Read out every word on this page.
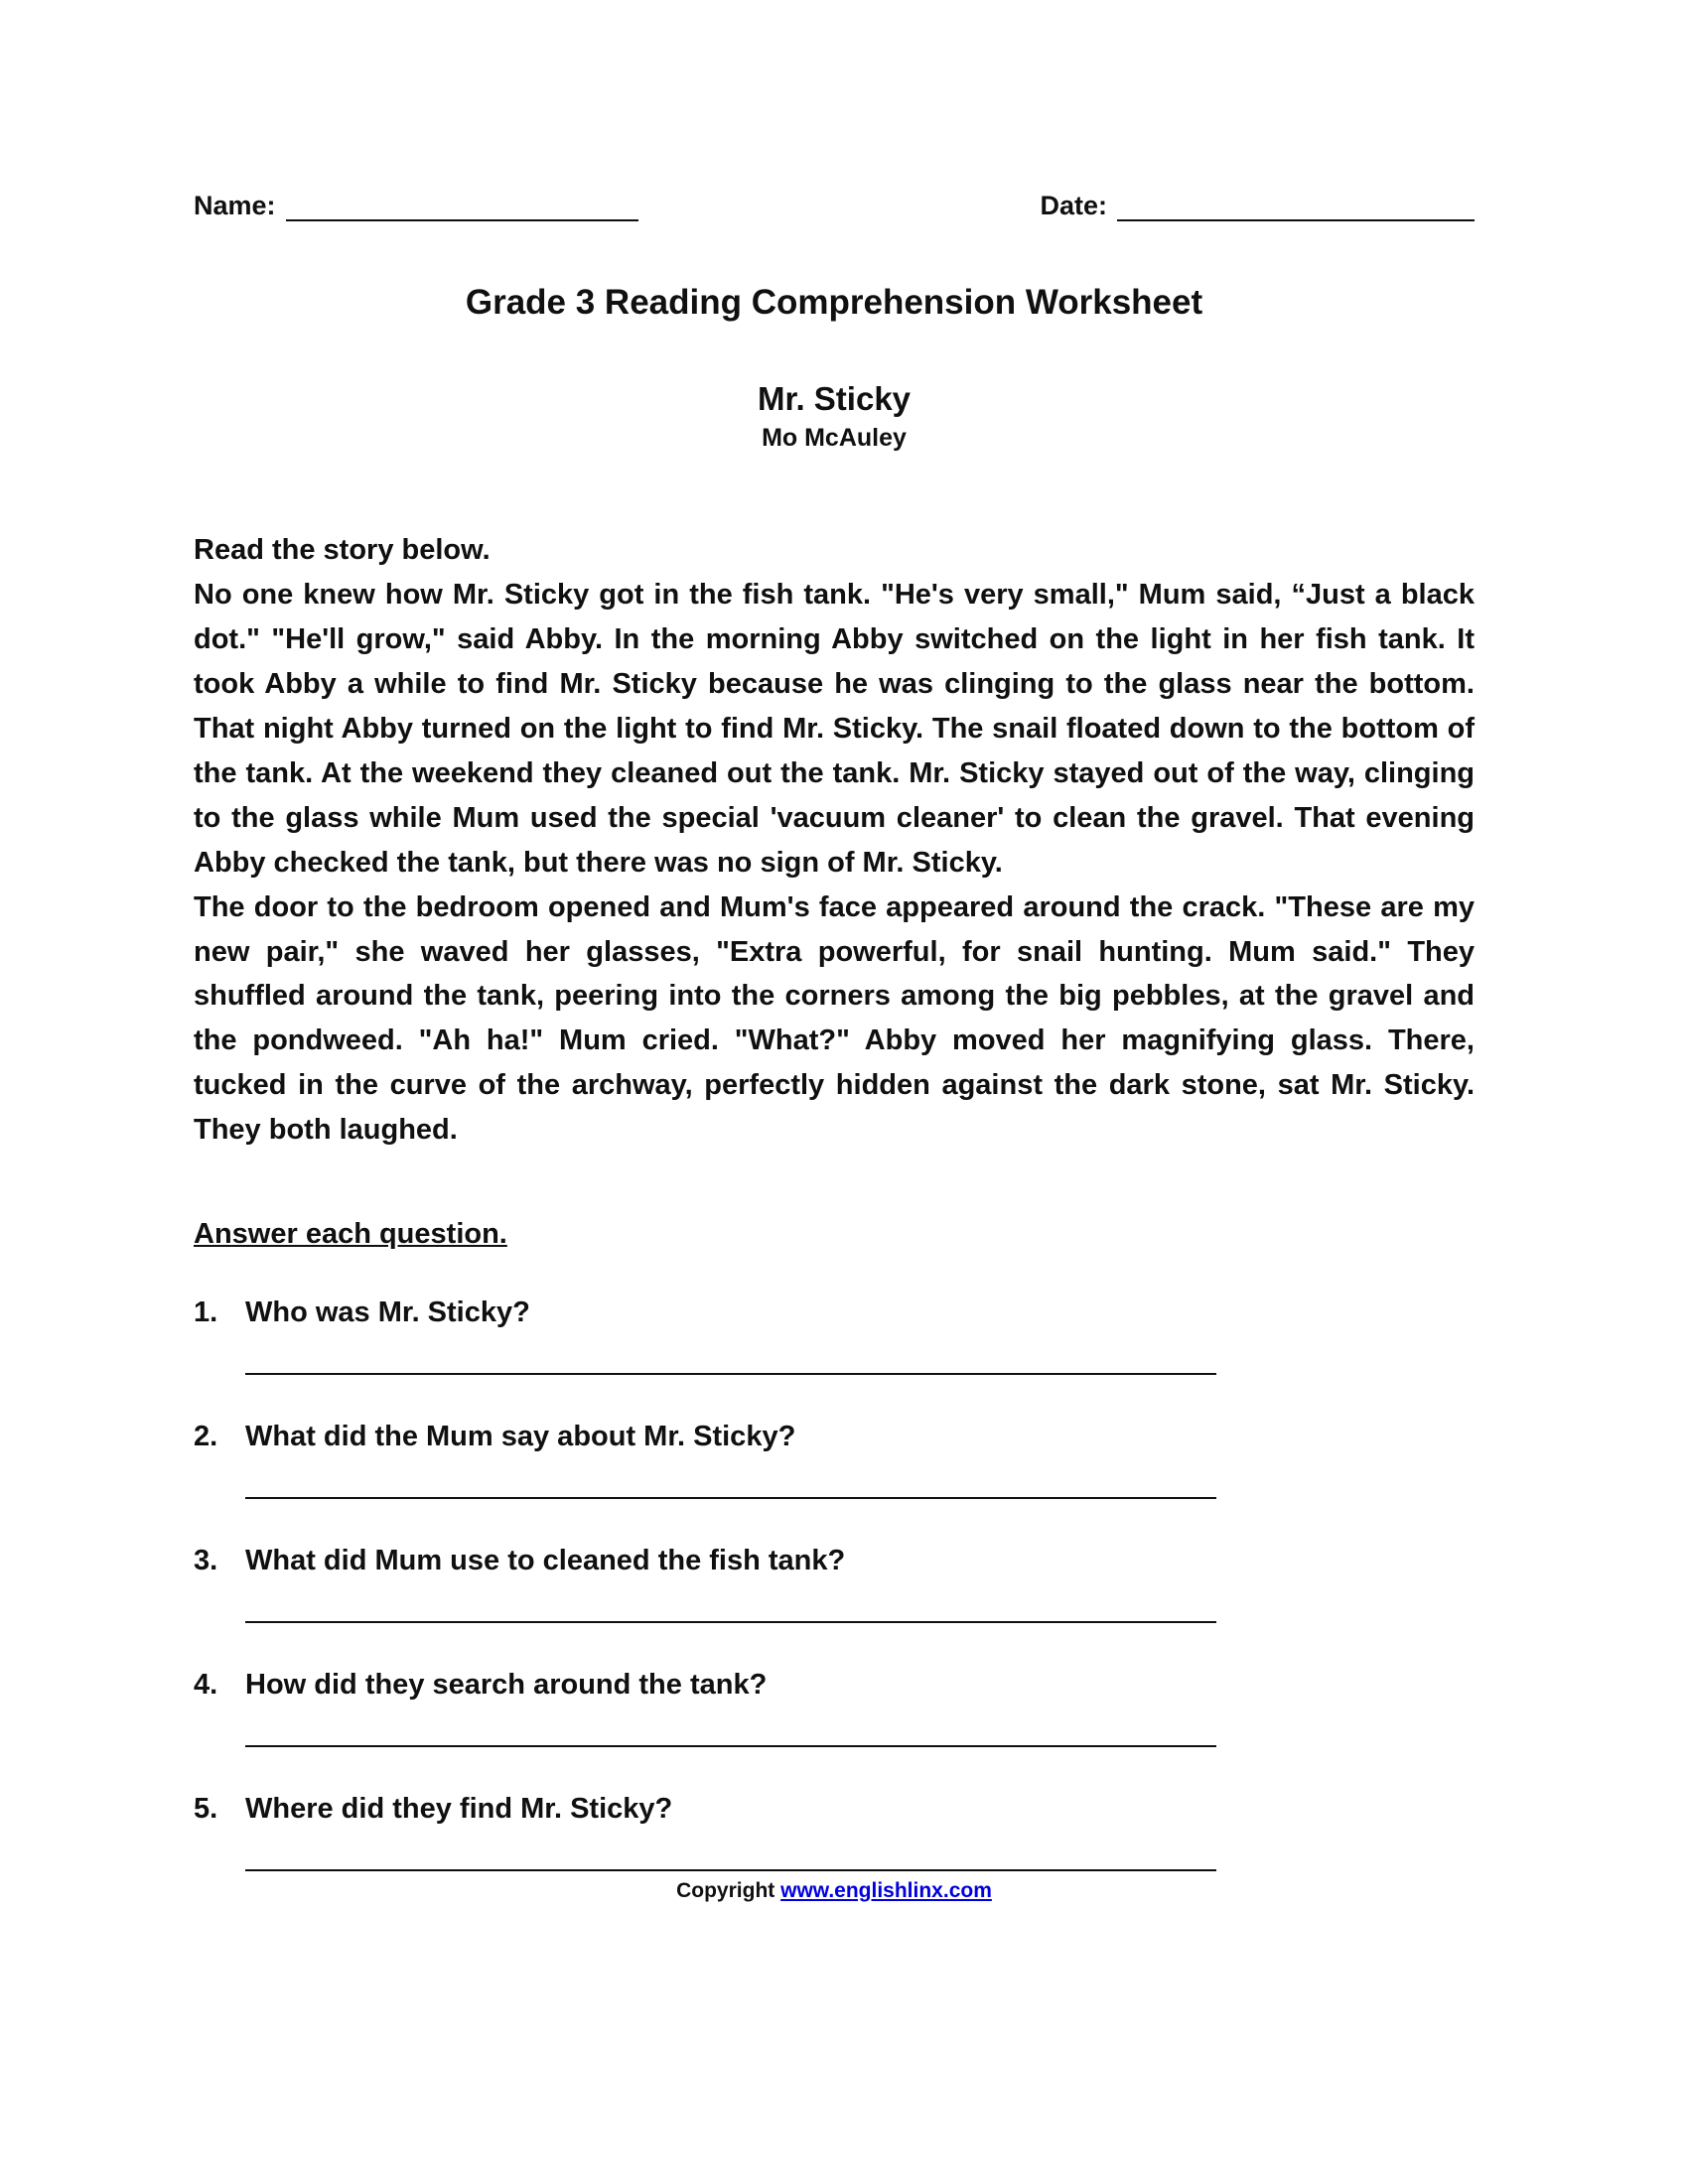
Name:	Date:
Grade 3 Reading Comprehension Worksheet
Mr. Sticky
Mo McAuley
Read the story below.

No one knew how Mr. Sticky got in the fish tank. "He's very small," Mum said, “Just a black dot." "He'll grow," said Abby. In the morning Abby switched on the light in her fish tank. It took Abby a while to find Mr. Sticky because he was clinging to the glass near the bottom. That night Abby turned on the light to find Mr. Sticky. The snail floated down to the bottom of the tank. At the weekend they cleaned out the tank. Mr. Sticky stayed out of the way, clinging to the glass while Mum used the special 'vacuum cleaner' to clean the gravel. That evening Abby checked the tank, but there was no sign of Mr. Sticky.

The door to the bedroom opened and Mum's face appeared around the crack. "These are my new pair," she waved her glasses, "Extra powerful, for snail hunting. Mum said." They shuffled around the tank, peering into the corners among the big pebbles, at the gravel and the pondweed. "Ah ha!" Mum cried. "What?" Abby moved her magnifying glass. There, tucked in the curve of the archway, perfectly hidden against the dark stone, sat Mr. Sticky. They both laughed.

Answer each question.
1. Who was Mr. Sticky?
2. What did the Mum say about Mr. Sticky?
3. What did Mum use to cleaned the fish tank?
4. How did they search around the tank?
5. Where did they find Mr. Sticky?
Copyright www.englishlinx.com
